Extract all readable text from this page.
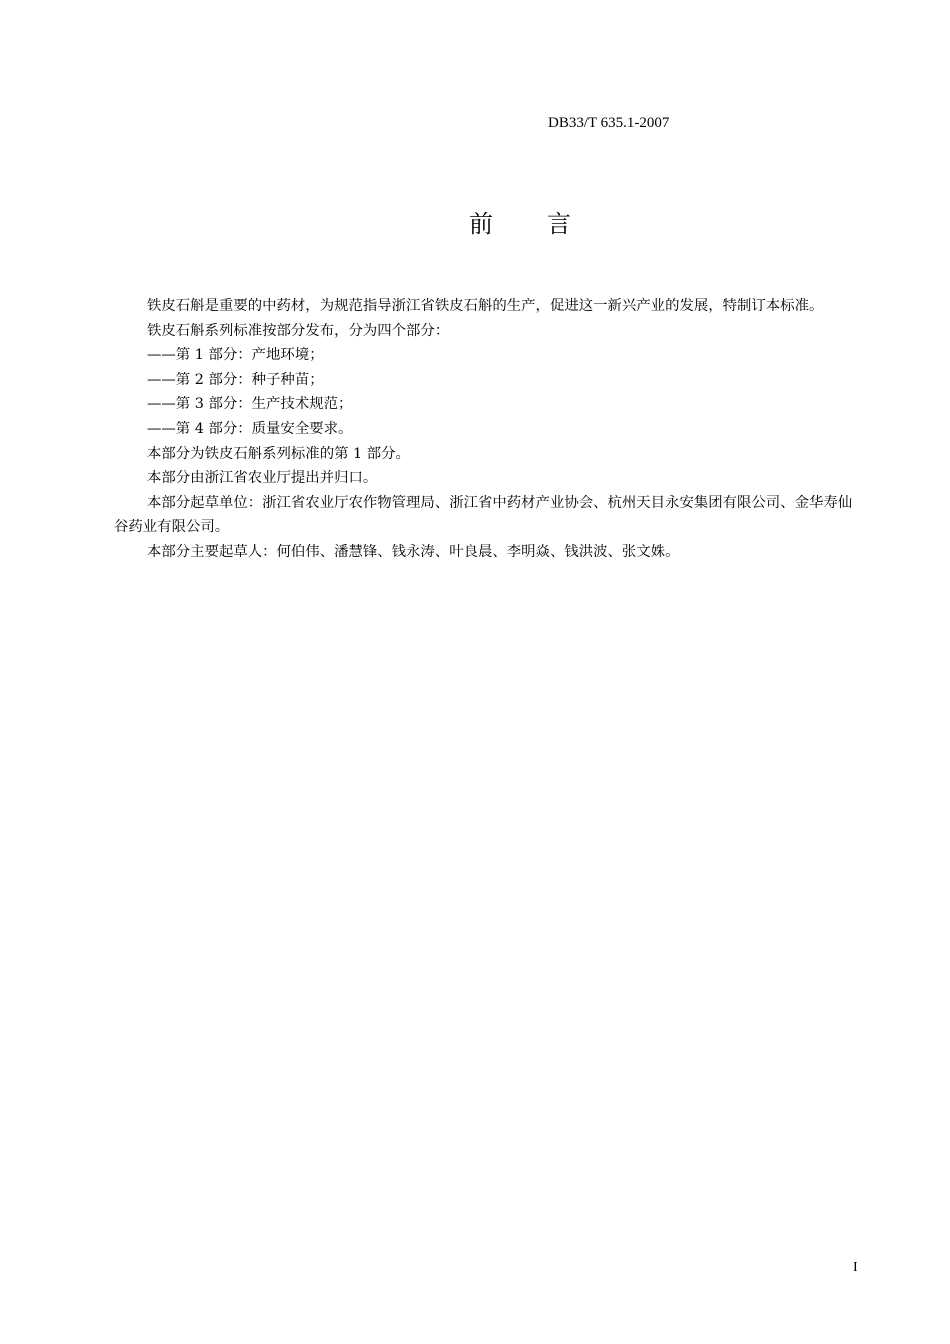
DB33/T 635.1-2007
前 言

铁皮石斛是重要的中药材，为规范指导浙江省铁皮石斛的生产，促进这一新兴产业的发展，特制订本标准。

铁皮石斛系列标准按部分发布，分为四个部分：

——第 1 部分：产地环境；

——第 2 部分：种子种苗；

——第 3 部分：生产技术规范；

——第 4 部分：质量安全要求。

本部分为铁皮石斛系列标准的第 1 部分。

本部分由浙江省农业厅提出并归口。

本部分起草单位：浙江省农业厅农作物管理局、浙江省中药材产业协会、杭州天目永安集团有限公司、金华寿仙谷药业有限公司。

本部分主要起草人：何伯伟、潘慧锋、钱永涛、叶良晨、李明焱、钱洪波、张文姝。

I
